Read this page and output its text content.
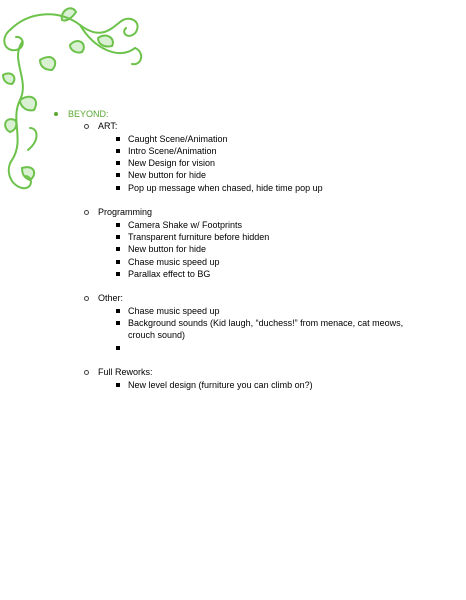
BEYOND:
ART:
Caught Scene/Animation
Intro Scene/Animation
New Design for vision
New button for hide
Pop up message when chased, hide time pop up
Programming
Camera Shake w/ Footprints
Transparent furniture before hidden
New button for hide
Chase music speed up
Parallax effect to BG
Other:
Chase music speed up
Background sounds (Kid laugh, “duchess!” from menace, cat meows, crouch sound)
Full Reworks:
New level design (furniture you can climb on?)
